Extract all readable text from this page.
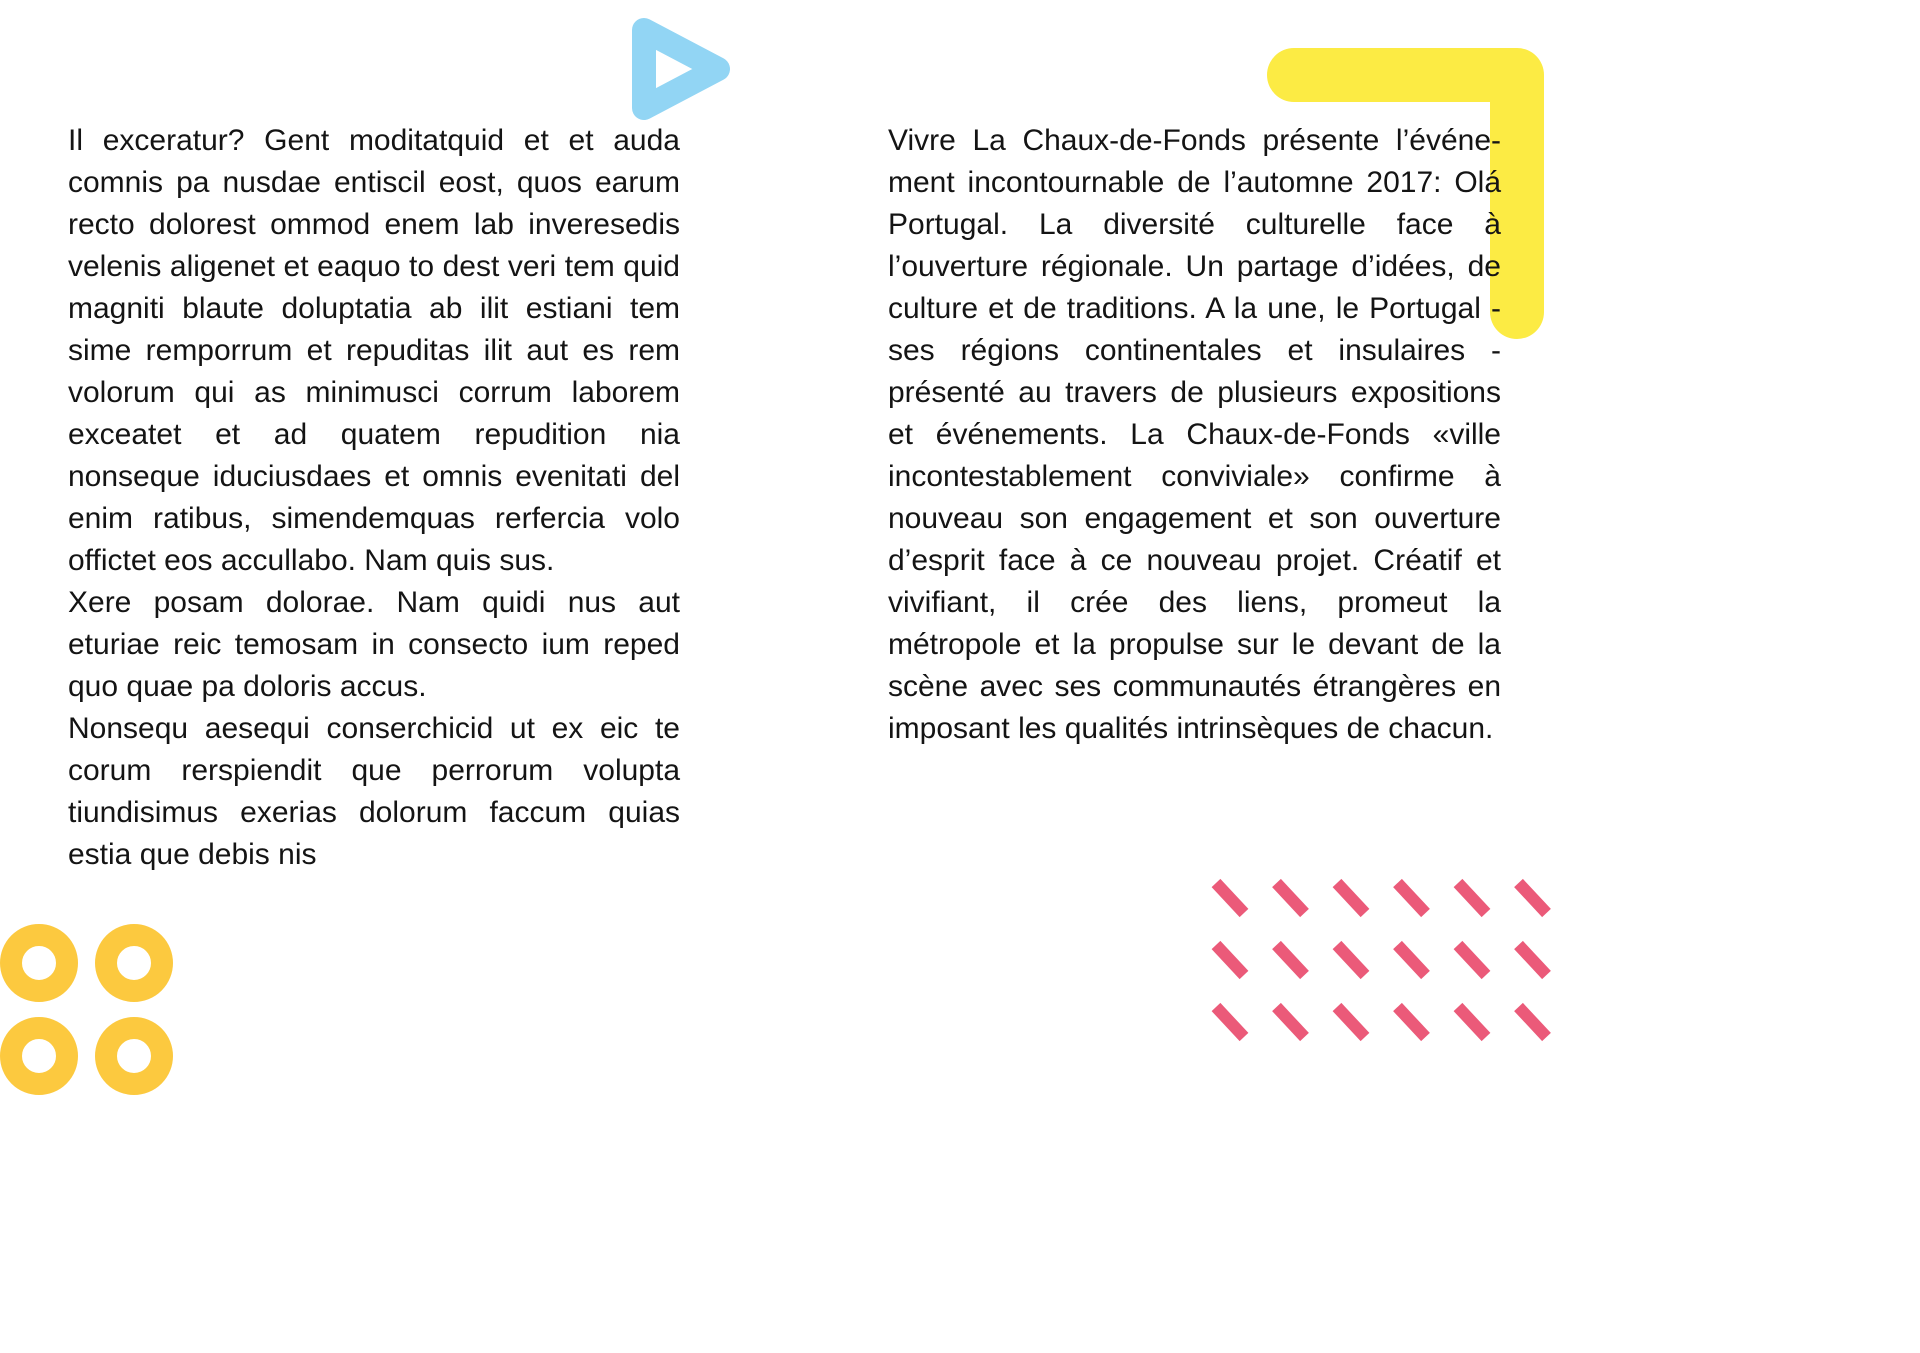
Il exceratur? Gent moditatquid et et auda comnis pa nusdae entiscil eost, quos earum recto dolorest ommod enem lab inveresedis velenis aligenet et eaquo to dest veri tem quid magniti blaute doluptatia ab ilit estiani tem sime remporrum et repuditas ilit aut es rem volorum qui as minimusci corrum laborem exceatet et ad quatem repudition nia nonseque iduciusdaes et omnis evenitati del enim ratibus, simendemquas rerfercia volo offictet eos accullabo. Nam quis sus.

Xere posam dolorae. Nam quidi nus aut eturiae reic temosam in consecto ium reped quo quae pa doloris accus.

Nonsequ aesequi conserchicid ut ex eic te corum rerspiendit que perrorum volupta tiundisimus exerias dolorum faccum quias estia que debis nis

Vivre La Chaux-de-Fonds présente l’événement incontournable de l’automne 2017: Olá Portugal. La diversité culturelle face à l’ouverture régionale. Un partage d’idées, de culture et de traditions. A la une, le Portugal - ses régions continentales et insulaires - présenté au travers de plusieurs expositions et événements. La Chaux-de-Fonds «ville incontestablement conviviale» confirme à nouveau son engagement et son ouverture d’esprit face à ce nouveau projet. Créatif et vivifiant, il crée des liens, promeut la métropole et la propulse sur le devant de la scène avec ses communautés étrangères en imposant les qualités intrinsèques de chacun.
